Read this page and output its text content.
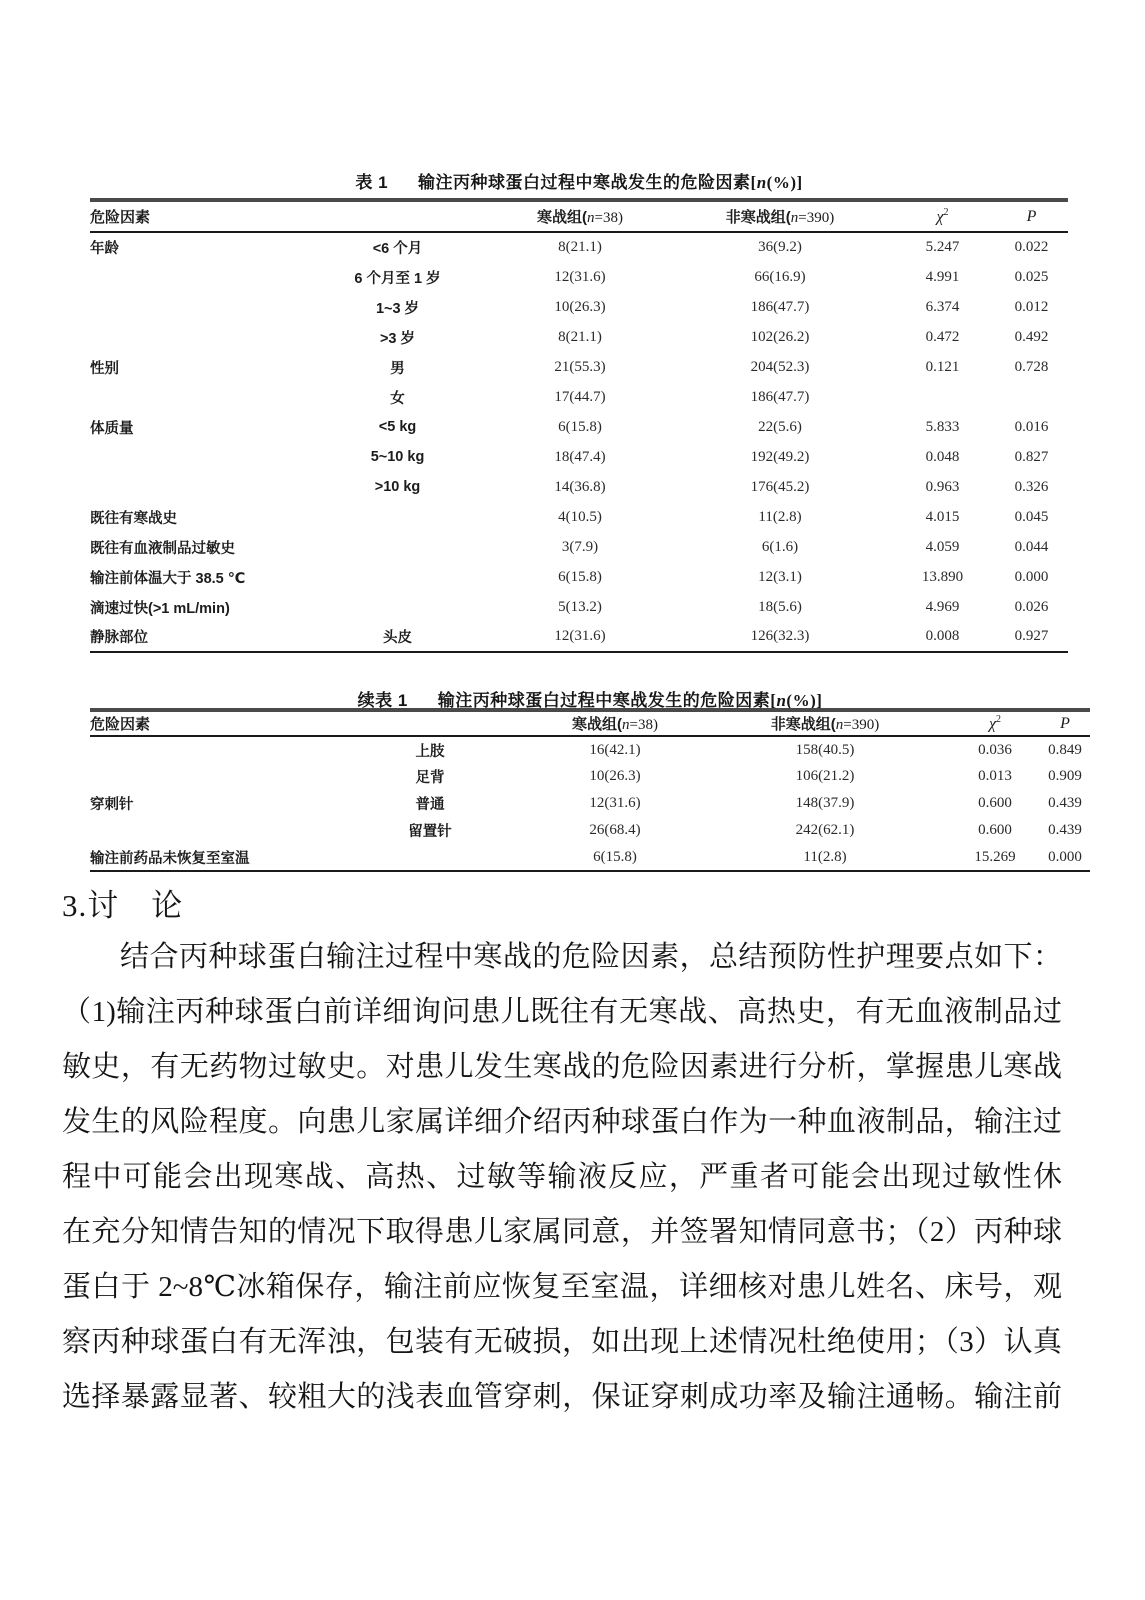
表 1 输注丙种球蛋白过程中寒战发生的危险因素[n(%)]
危险因素		寒战组(n=38)	非寒战组(n=390)	$\chi^2$	P
年龄	<6 个月	8(21.1)	36(9.2)	5.247	0.022
	6 个月至 1 岁	12(31.6)	66(16.9)	4.991	0.025
	1~3 岁	10(26.3)	186(47.7)	6.374	0.012
	>3 岁	8(21.1)	102(26.2)	0.472	0.492
性别	男	21(55.3)	204(52.3)	0.121	0.728
	女	17(44.7)	186(47.7)		
体质量	<5 kg	6(15.8)	22(5.6)	5.833	0.016
	5~10 kg	18(47.4)	192(49.2)	0.048	0.827
	>10 kg	14(36.8)	176(45.2)	0.963	0.326
既往有寒战史		4(10.5)	11(2.8)	4.015	0.045
既往有血液制品过敏史		3(7.9)	6(1.6)	4.059	0.044
输注前体温大于 38.5 ℃		6(15.8)	12(3.1)	13.890	0.000
滴速过快(>1 mL/min)		5(13.2)	18(5.6)	4.969	0.026
静脉部位	头皮	12(31.6)	126(32.3)	0.008	0.927
续表 1 输注丙种球蛋白过程中寒战发生的危险因素[n(%)]
危险因素		寒战组(n=38)	非寒战组(n=390)	$\chi^2$	P
	上肢	16(42.1)	158(40.5)	0.036	0.849
	足背	10(26.3)	106(21.2)	0.013	0.909
穿刺针	普通	12(31.6)	148(37.9)	0.600	0.439
	留置针	26(68.4)	242(62.1)	0.600	0.439
输注前药品未恢复至室温		6(15.8)	11(2.8)	15.269	0.000
3.讨　论
结合丙种球蛋白输注过程中寒战的危险因素，总结预防性护理要点如下：
（1)输注丙种球蛋白前详细询问患儿既往有无寒战、高热史，有无血液制品过
敏史，有无药物过敏史。对患儿发生寒战的危险因素进行分析，掌握患儿寒战
发生的风险程度。向患儿家属详细介绍丙种球蛋白作为一种血液制品，输注过
程中可能会出现寒战、高热、过敏等输液反应，严重者可能会出现过敏性休
在充分知情告知的情况下取得患儿家属同意，并签署知情同意书；（2）丙种球
蛋白于 2~8℃冰箱保存，输注前应恢复至室温，详细核对患儿姓名、床号，观
察丙种球蛋白有无浑浊，包装有无破损，如出现上述情况杜绝使用；（3）认真
选择暴露显著、较粗大的浅表血管穿刺，保证穿刺成功率及输注通畅。输注前
